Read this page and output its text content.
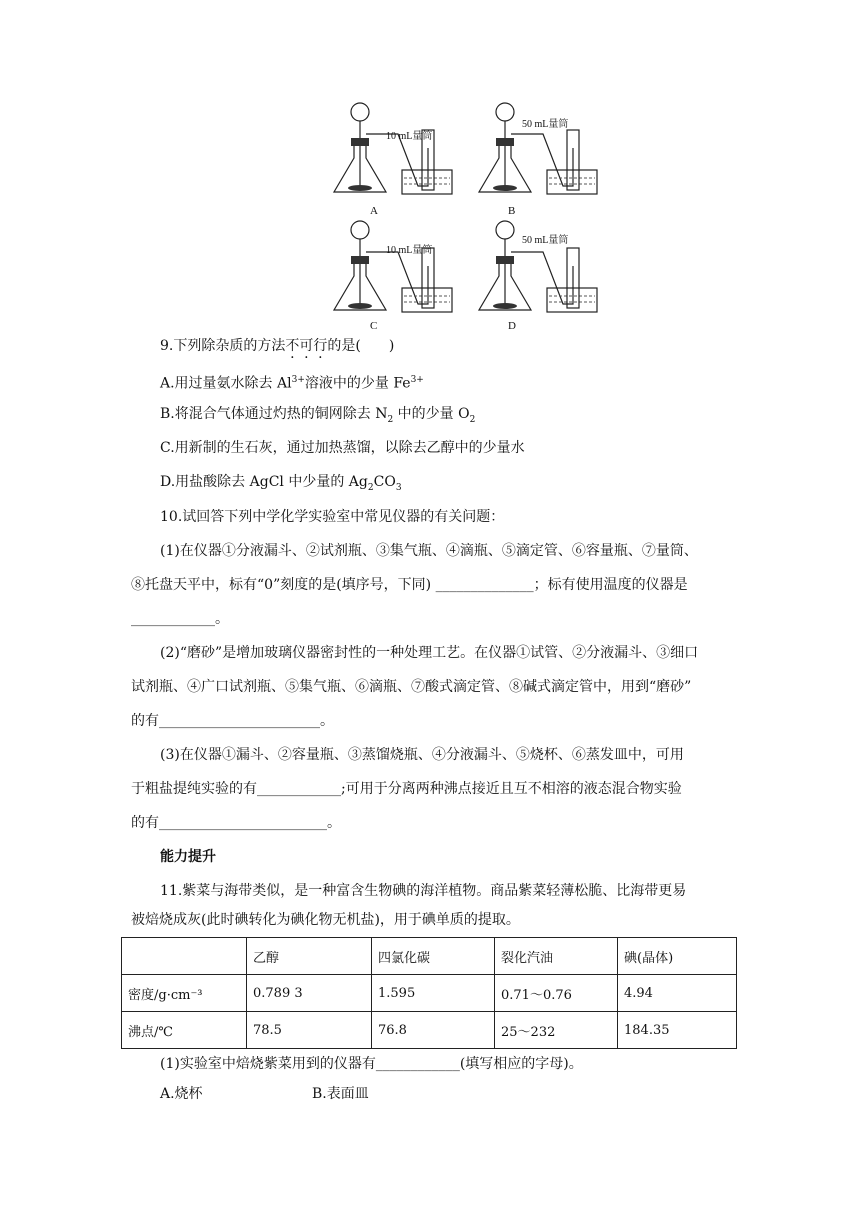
10 mL量筒
50 mL量筒
10 mL量筒
50 mL量筒
A	B
C	D
9.下列除杂质的方法不可行的是(　　)
A.用过量氨水除去 $Al^{3+}$溶液中的少量 $Fe^{3+}$
B.将混合气体通过灼热的铜网除去 $N_2$ 中的少量 $O_2$
C.用新制的生石灰，通过加热蒸馏，以除去乙醇中的少量水
D.用盐酸除去 AgCl 中少量的 $Ag_2CO_3$
10.试回答下列中学化学实验室中常见仪器的有关问题：
(1)在仪器①分液漏斗、②试剂瓶、③集气瓶、④滴瓶、⑤滴定管、⑥容量瓶、⑦量筒、
⑧托盘天平中，标有“0”刻度的是(填序号，下同) ______________；标有使用温度的仪器是
____________。
(2)“磨砂”是增加玻璃仪器密封性的一种处理工艺。在仪器①试管、②分液漏斗、③细口
试剂瓶、④广口试剂瓶、⑤集气瓶、⑥滴瓶、⑦酸式滴定管、⑧碱式滴定管中，用到“磨砂”
的有_______________________。
(3)在仪器①漏斗、②容量瓶、③蒸馏烧瓶、④分液漏斗、⑤烧杯、⑥蒸发皿中，可用
于粗盐提纯实验的有____________;可用于分离两种沸点接近且互不相溶的液态混合物实验
的有________________________。
能力提升
11.紫菜与海带类似，是一种富含生物碘的海洋植物。商品紫菜轻薄松脆、比海带更易
被焙烧成灰(此时碘转化为碘化物无机盐)，用于碘单质的提取。
	乙醇	四氯化碳	裂化汽油	碘(晶体)
密度/g·cm⁻³	0.789 3	1.595	0.71～0.76	4.94
沸点/℃	78.5	76.8	25～232	184.35
(1)实验室中焙烧紫菜用到的仪器有____________(填写相应的字母)。
A.烧杯	B.表面皿
